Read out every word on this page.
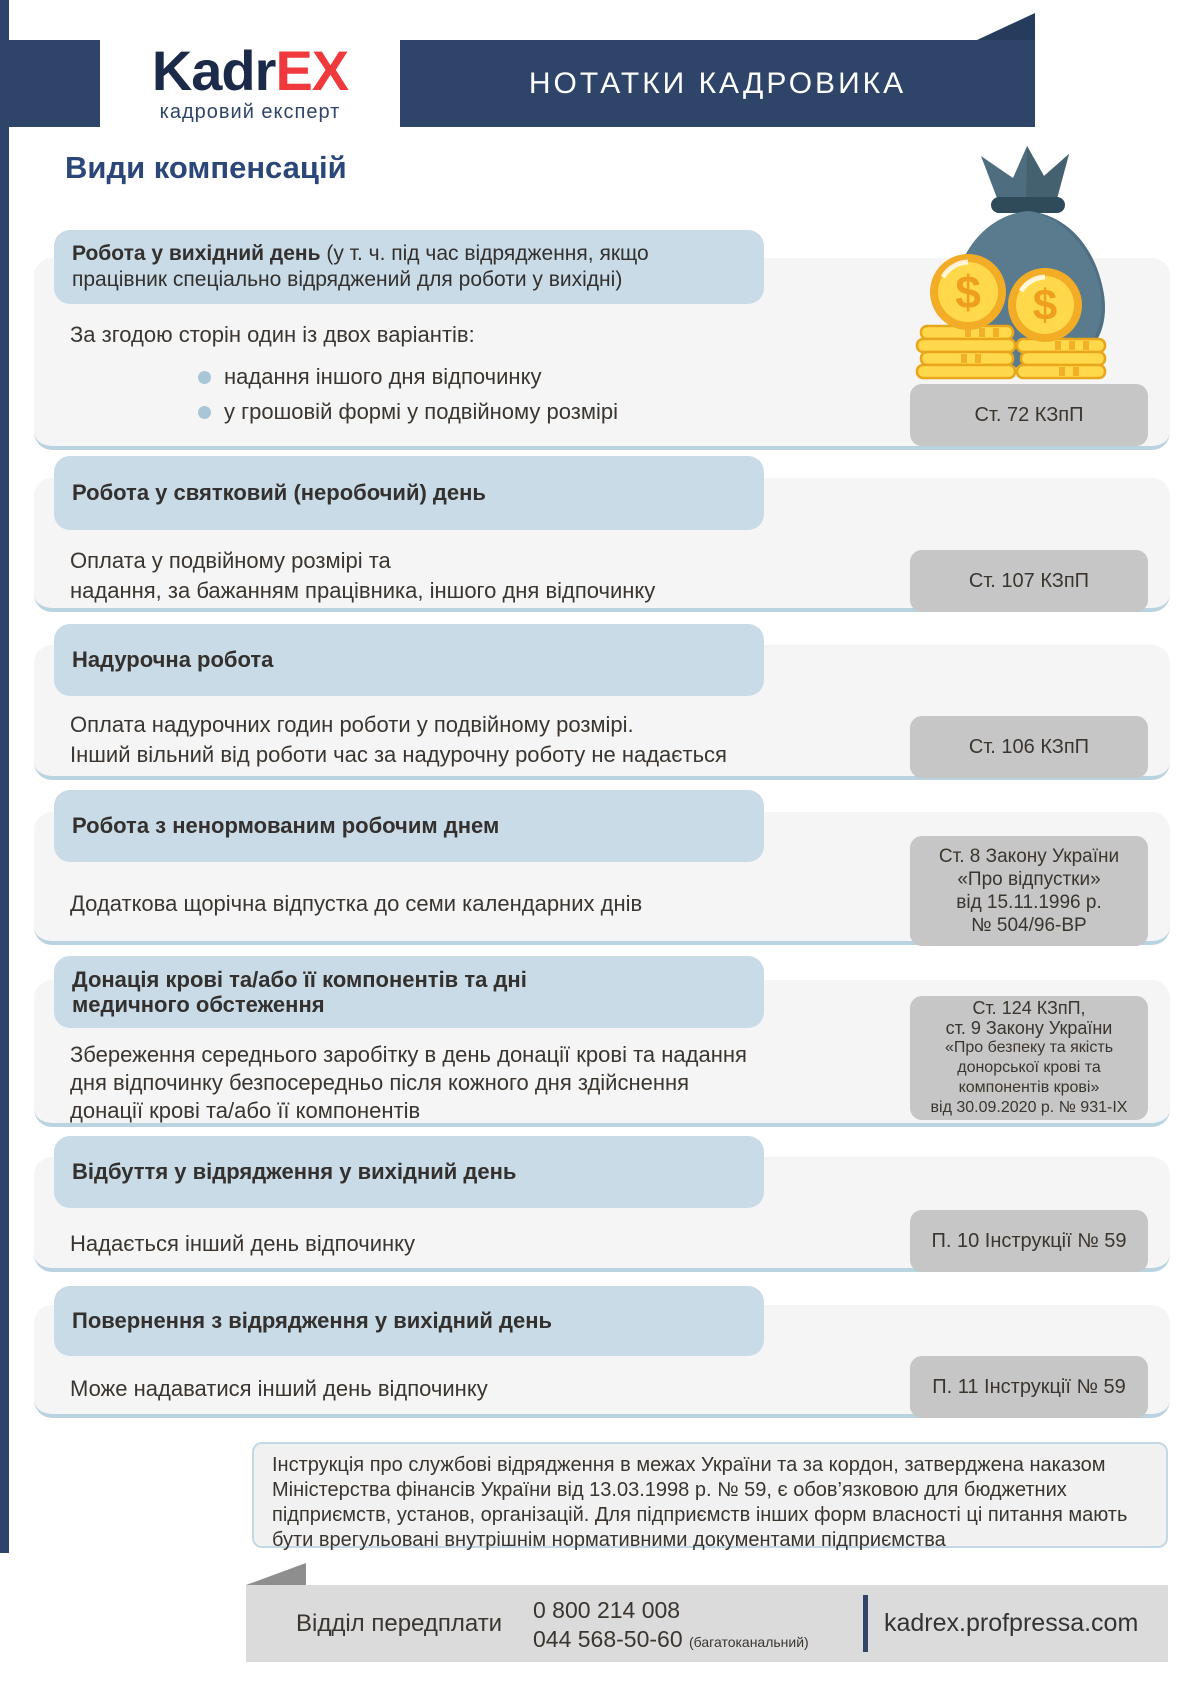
KadrEX
кадровий експерт
НОТАТКИ КАДРОВИКА
Види компенсацій
$ $
Робота у вихідний день (у т. ч. під час відрядження, якщо працівник спеціально відряджений для роботи у вихідні)
За згодою сторін один із двох варіантів:
надання іншого дня відпочинку
у грошовій формі у подвійному розмірі	Ст. 72 КЗпП
Робота у святковий (неробочий) день
Оплата у подвійному розмірі та
надання, за бажанням працівника, іншого дня відпочинку	Ст. 107 КЗпП
Надурочна робота
Оплата надурочних годин роботи у подвійному розмірі.
Інший вільний від роботи час за надурочну роботу не надається	Ст. 106 КЗпП
Робота з ненормованим робочим днем
Додаткова щорічна відпустка до семи календарних днів
Ст. 8 Закону України
«Про відпустки»
від 15.11.1996 р.
№ 504/96-ВР
Донація крові та/або її компонентів та дні
медичного обстеження
Збереження середнього заробітку в день донації крові та надання
дня відпочинку безпосередньо після кожного дня здійснення
донації крові та/або її компонентів
Ст. 124 КЗпП,
ст. 9 Закону України
«Про безпеку та якість
донорської крові та
компонентів крові»
від 30.09.2020 р. № 931-ІХ
Відбуття у відрядження у вихідний день
Надається інший день відпочинку	П. 10 Інструкції № 59
Повернення з відрядження у вихідний день
Може надаватися інший день відпочинку	П. 11 Інструкції № 59
Інструкція про службові відрядження в межах України та за кордон, затверджена наказом Міністерства фінансів України від 13.03.1998 р. № 59, є обов’язковою для бюджетних підприємств, установ, організацій. Для підприємств інших форм власності ці питання мають бути врегульовані внутрішнім нормативними документами підприємства
Відділ передплати 0 800 214 008
044 568-50-60 (багатоканальний)
kadrex.profpressa.com
